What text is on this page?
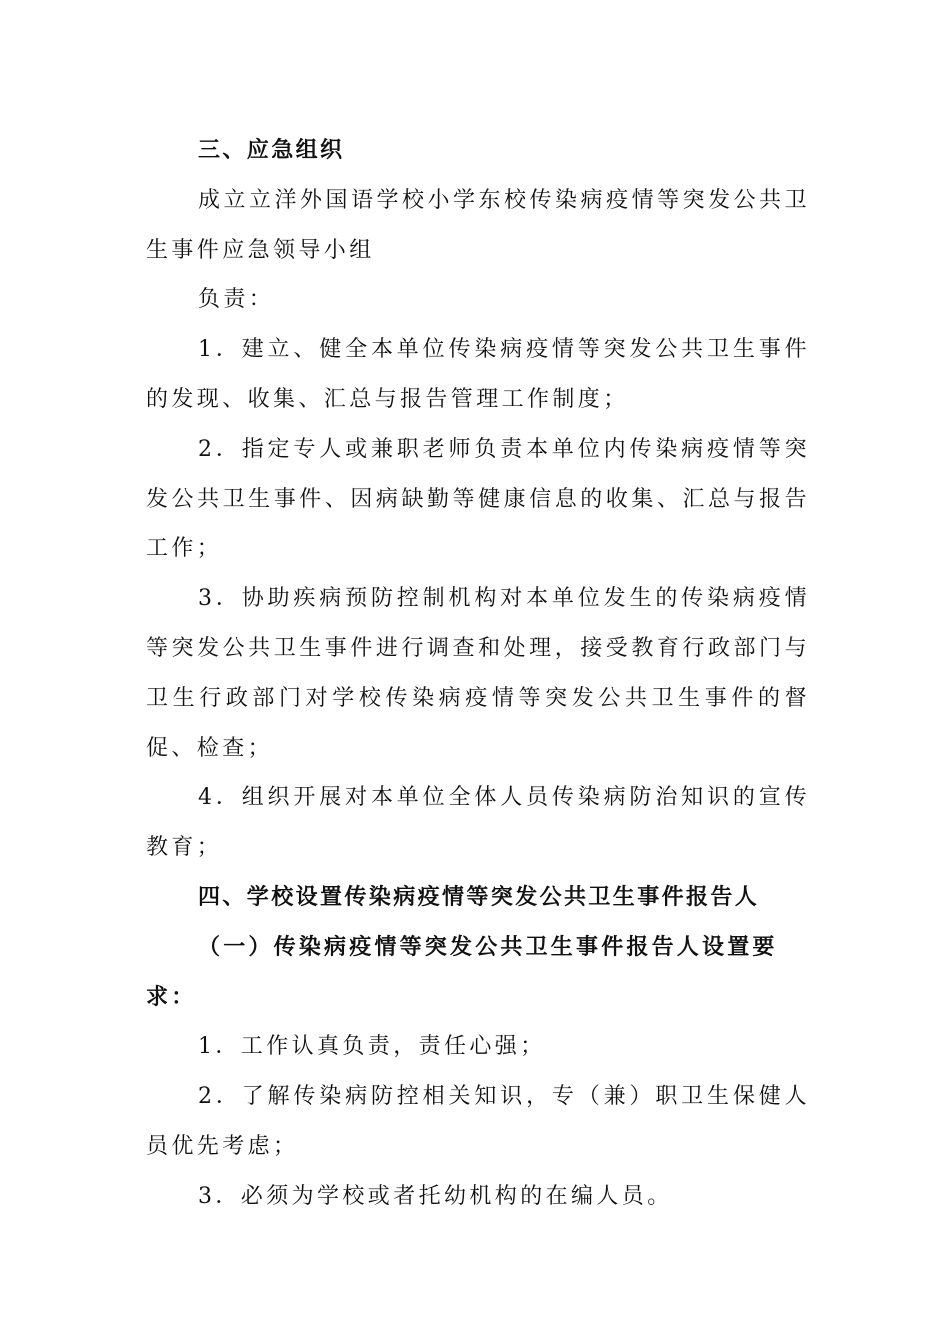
三、应急组织

成立立洋外国语学校小学东校传染病疫情等突发公共卫生事件应急领导小组

负责：

1．建立、健全本单位传染病疫情等突发公共卫生事件的发现、收集、汇总与报告管理工作制度；

2．指定专人或兼职老师负责本单位内传染病疫情等突发公共卫生事件、因病缺勤等健康信息的收集、汇总与报告工作；

3．协助疾病预防控制机构对本单位发生的传染病疫情等突发公共卫生事件进行调查和处理，接受教育行政部门与卫生行政部门对学校传染病疫情等突发公共卫生事件的督促、检查；

4．组织开展对本单位全体人员传染病防治知识的宣传教育；

四、学校设置传染病疫情等突发公共卫生事件报告人

（一）传染病疫情等突发公共卫生事件报告人设置要求：

1．工作认真负责，责任心强；

2．了解传染病防控相关知识，专（兼）职卫生保健人员优先考虑；

3．必须为学校或者托幼机构的在编人员。
